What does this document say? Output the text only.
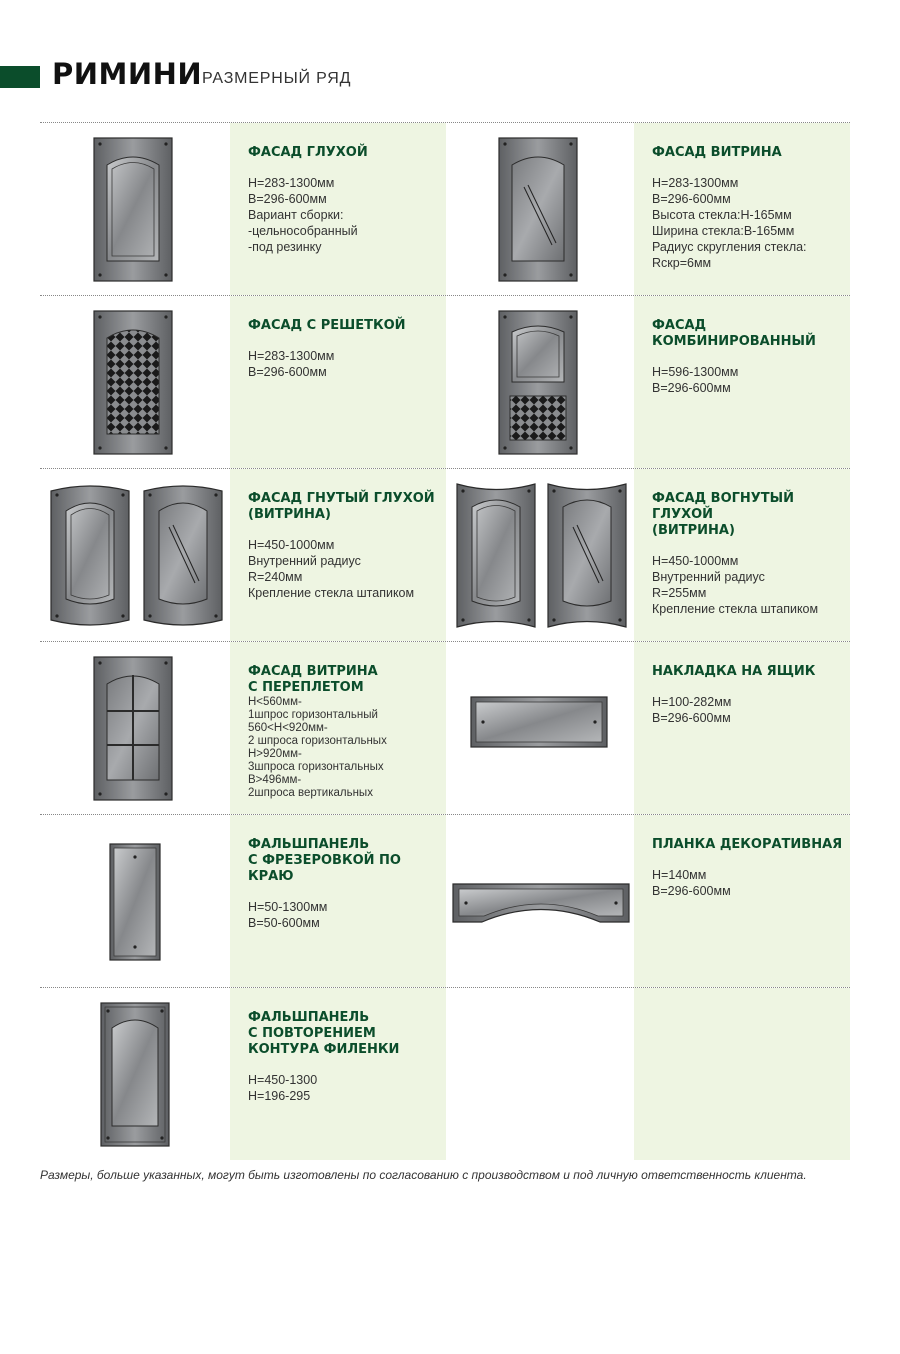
РИМИНИ РАЗМЕРНЫЙ РЯД
ФАСАД ГЛУХОЙ
H=283-1300мм
B=296-600мм
Вариант сборки:
-цельнособранный
-под резинку
ФАСАД ВИТРИНА
H=283-1300мм
B=296-600мм
Высота стекла:H-165мм
Ширина стекла:B-165мм
Радиус скругления стекла:
Rскр=6мм
ФАСАД С РЕШЕТКОЙ
H=283-1300мм
B=296-600мм
ФАСАД
КОМБИНИРОВАННЫЙ
H=596-1300мм
B=296-600мм
ФАСАД ГНУТЫЙ ГЛУХОЙ
(ВИТРИНА)
H=450-1000мм
Внутренний радиус
R=240мм
Крепление стекла штапиком
ФАСАД ВОГНУТЫЙ ГЛУХОЙ
(ВИТРИНА)
H=450-1000мм
Внутренний радиус
R=255мм
Крепление стекла штапиком
ФАСАД ВИТРИНА
С ПЕРЕПЛЕТОМ
H<560мм-
1шпрос горизонтальный
560<H<920мм-
2 шпроса горизонтальных
H>920мм-
3шпроса горизонтальных
B>496мм-
2шпроса вертикальных
НАКЛАДКА НА ЯЩИК
H=100-282мм
B=296-600мм
ФАЛЬШПАНЕЛЬ
С ФРЕЗЕРОВКОЙ ПО КРАЮ
H=50-1300мм
B=50-600мм
ПЛАНКА ДЕКОРАТИВНАЯ
H=140мм
B=296-600мм
ФАЛЬШПАНЕЛЬ
С ПОВТОРЕНИЕМ
КОНТУРА ФИЛЕНКИ
H=450-1300
H=196-295
Размеры, больше указанных, могут быть изготовлены по согласованию с производством и под личную ответственность клиента.
